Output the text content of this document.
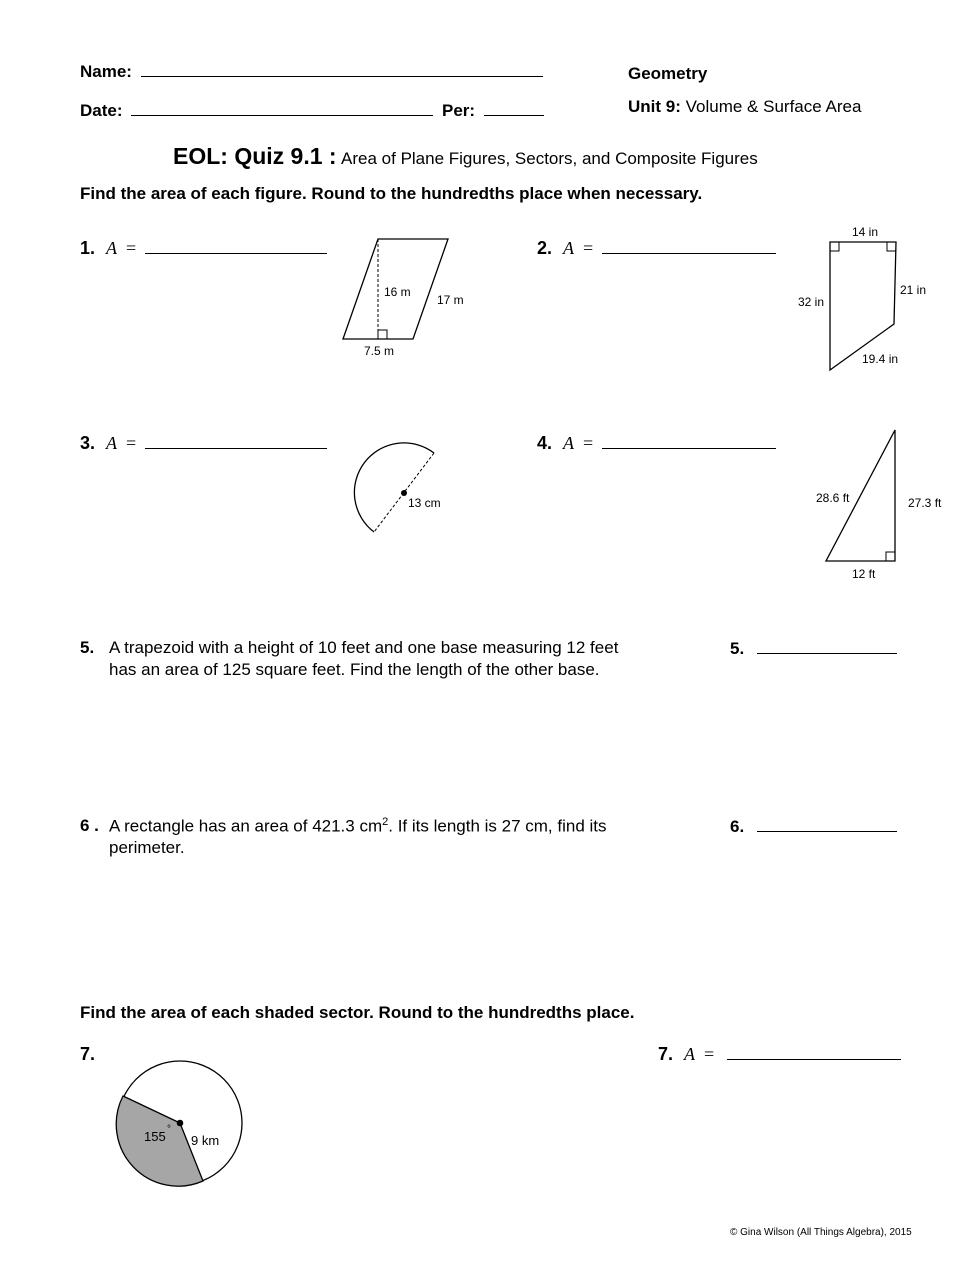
Name:
Date:	Per:
Geometry
Unit 9: Volume & Surface Area
EOL: Quiz 9.1 : Area of Plane Figures, Sectors, and Composite Figures
Find the area of each figure. Round to the hundredths place when necessary.
1. A =
16 m
17 m
7.5 m
2. A =
14 in
32 in
21 in
19.4 in
3. A =
13 cm
4. A =
28.6 ft	27.3 ft
12 ft
5. A trapezoid with a height of 10 feet and one base measuring 12 feet
has an area of 125 square feet. Find the length of the other base.
5.
6 . A rectangle has an area of 421.3 $cm^2$. If its length is 27 cm, find its
perimeter.
6.
Find the area of each shaded sector. Round to the hundredths place.
7.
155 °
9 km
7. A =
© Gina Wilson (All Things Algebra), 2015
